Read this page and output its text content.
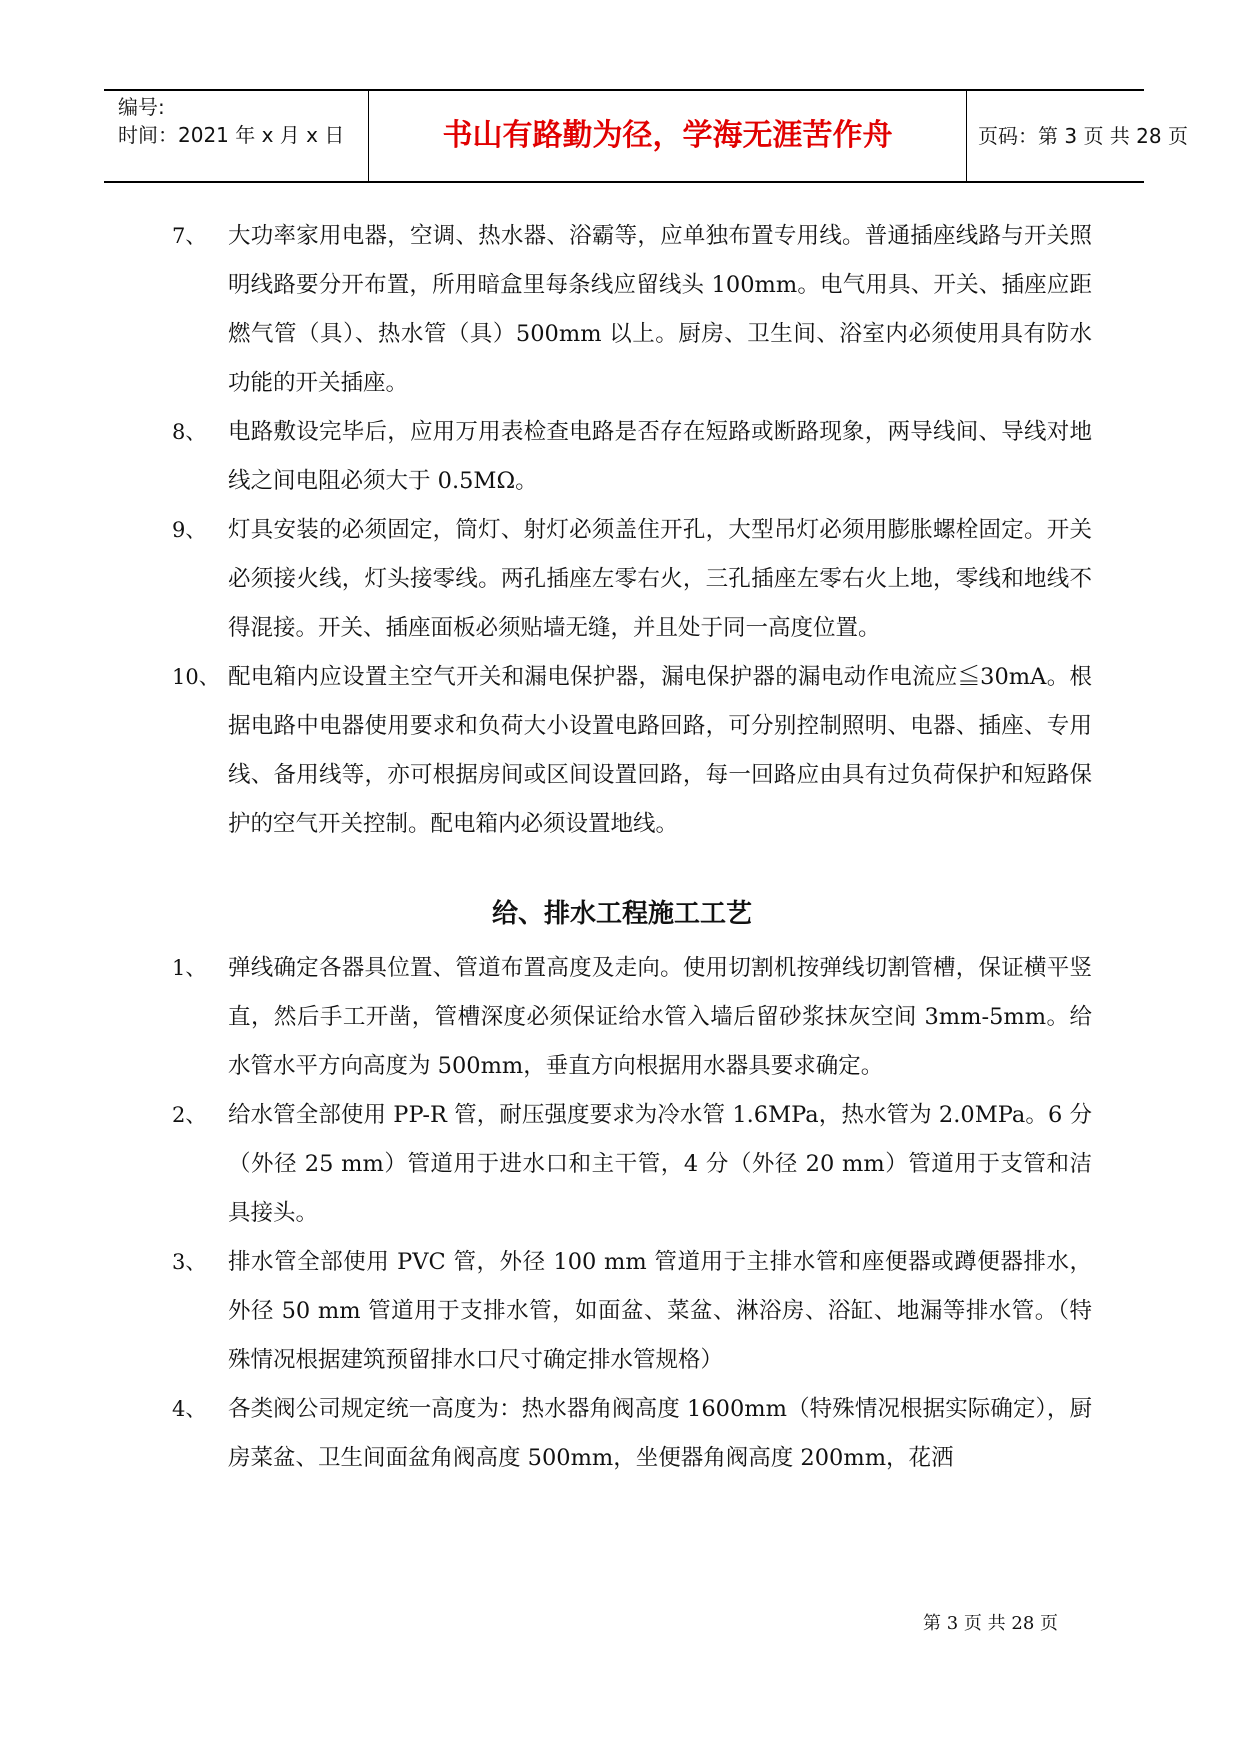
编号:
时间：2021 年 x 月 x 日	书山有路勤为径，学海无涯苦作舟	页码：第 3 页 共 28 页
7、 大功率家用电器，空调、热水器、浴霸等，应单独布置专用线。普通插座线路与开关照明线路要分开布置，所用暗盒里每条线应留线头 100mm。电气用具、开关、插座应距燃气管（具）、热水管（具）500mm 以上。厨房、卫生间、浴室内必须使用具有防水功能的开关插座。
8、 电路敷设完毕后，应用万用表检查电路是否存在短路或断路现象，两导线间、导线对地线之间电阻必须大于 0.5MΩ。
9、 灯具安装的必须固定，筒灯、射灯必须盖住开孔，大型吊灯必须用膨胀螺栓固定。开关必须接火线，灯头接零线。两孔插座左零右火，三孔插座左零右火上地，零线和地线不得混接。开关、插座面板必须贴墙无缝，并且处于同一高度位置。
10、 配电箱内应设置主空气开关和漏电保护器，漏电保护器的漏电动作电流应≦30mA。根据电路中电器使用要求和负荷大小设置电路回路，可分别控制照明、电器、插座、专用线、备用线等，亦可根据房间或区间设置回路，每一回路应由具有过负荷保护和短路保护的空气开关控制。配电箱内必须设置地线。
给、排水工程施工工艺
1、 弹线确定各器具位置、管道布置高度及走向。使用切割机按弹线切割管槽，保证横平竖直，然后手工开凿，管槽深度必须保证给水管入墙后留砂浆抹灰空间 3mm-5mm。给水管水平方向高度为 500mm，垂直方向根据用水器具要求确定。
2、 给水管全部使用 PP-R 管，耐压强度要求为冷水管 1.6MPa，热水管为 2.0MPa。6 分（外径 25 mm）管道用于进水口和主干管，4 分（外径 20 mm）管道用于支管和洁具接头。
3、 排水管全部使用 PVC 管，外径 100 mm 管道用于主排水管和座便器或蹲便器排水，外径 50 mm 管道用于支排水管，如面盆、菜盆、淋浴房、浴缸、地漏等排水管。（特殊情况根据建筑预留排水口尺寸确定排水管规格）
4、 各类阀公司规定统一高度为：热水器角阀高度 1600mm（特殊情况根据实际确定），厨房菜盆、卫生间面盆角阀高度 500mm，坐便器角阀高度 200mm，花洒
第 3 页 共 28 页
